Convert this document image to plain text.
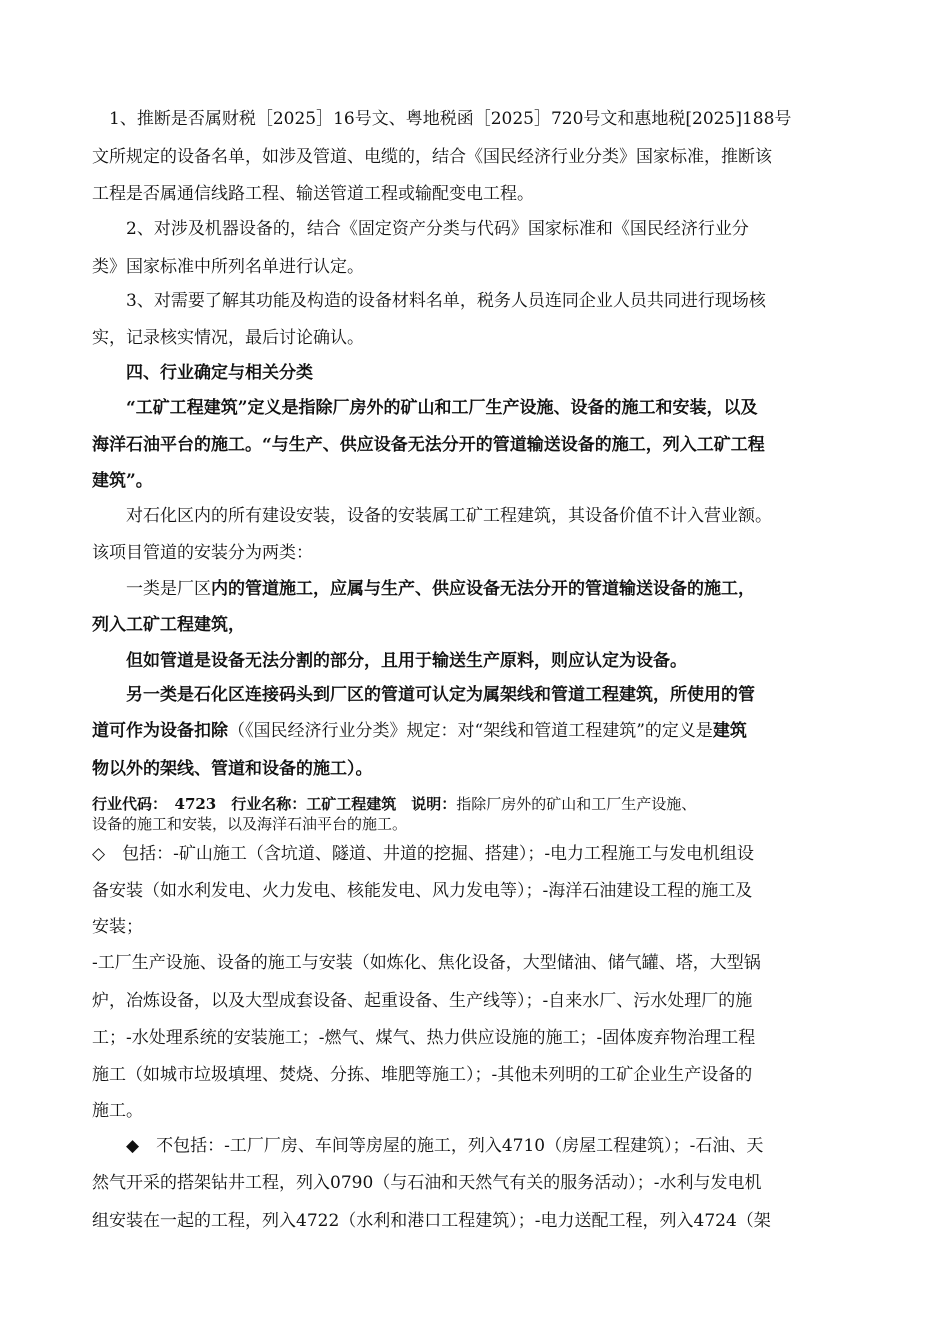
　1、推断是否属财税［2025］16号文、粤地税函［2025］720号文和惠地税[2025]188号
文所规定的设备名单，如涉及管道、电缆的，结合《国民经济行业分类》国家标准，推断该
工程是否属通信线路工程、输送管道工程或输配变电工程。
　　2、对涉及机器设备的，结合《固定资产分类与代码》国家标准和《国民经济行业分
类》国家标准中所列名单进行认定。
　　3、对需要了解其功能及构造的设备材料名单，税务人员连同企业人员共同进行现场核
实，记录核实情况，最后讨论确认。
　　四、行业确定与相关分类
　　“工矿工程建筑”定义是指除厂房外的矿山和工厂生产设施、设备的施工和安装，以及
海洋石油平台的施工。“与生产、供应设备无法分开的管道输送设备的施工，列入工矿工程
建筑”。
　　对石化区内的所有建设安装，设备的安装属工矿工程建筑，其设备价值不计入营业额。
该项目管道的安装分为两类：
　　一类是厂区内的管道施工，应属与生产、供应设备无法分开的管道输送设备的施工，
列入工矿工程建筑，
　　但如管道是设备无法分割的部分，且用于输送生产原料，则应认定为设备。
　　另一类是石化区连接码头到厂区的管道可认定为属架线和管道工程建筑，所使用的管
道可作为设备扣除（《国民经济行业分类》规定：对“架线和管道工程建筑”的定义是建筑
物以外的架线、管道和设备的施工）。
行业代码：　4723　行业名称：工矿工程建筑　说明：指除厂房外的矿山和工厂生产设施、
设备的施工和安装，以及海洋石油平台的施工。
◇　包括：-矿山施工（含坑道、隧道、井道的挖掘、搭建）；-电力工程施工与发电机组设
备安装（如水利发电、火力发电、核能发电、风力发电等）；-海洋石油建设工程的施工及
安装；
-工厂生产设施、设备的施工与安装（如炼化、焦化设备，大型储油、储气罐、塔，大型锅
炉，冶炼设备，以及大型成套设备、起重设备、生产线等）；-自来水厂、污水处理厂的施
工；-水处理系统的安装施工；-燃气、煤气、热力供应设施的施工；-固体废弃物治理工程
施工（如城市垃圾填埋、焚烧、分拣、堆肥等施工）；-其他未列明的工矿企业生产设备的
施工。
　　◆　不包括：-工厂厂房、车间等房屋的施工，列入4710（房屋工程建筑）；-石油、天
然气开采的搭架钻井工程，列入0790（与石油和天然气有关的服务活动）；-水利与发电机
组安装在一起的工程，列入4722（水利和港口工程建筑）；-电力送配工程，列入4724（架
